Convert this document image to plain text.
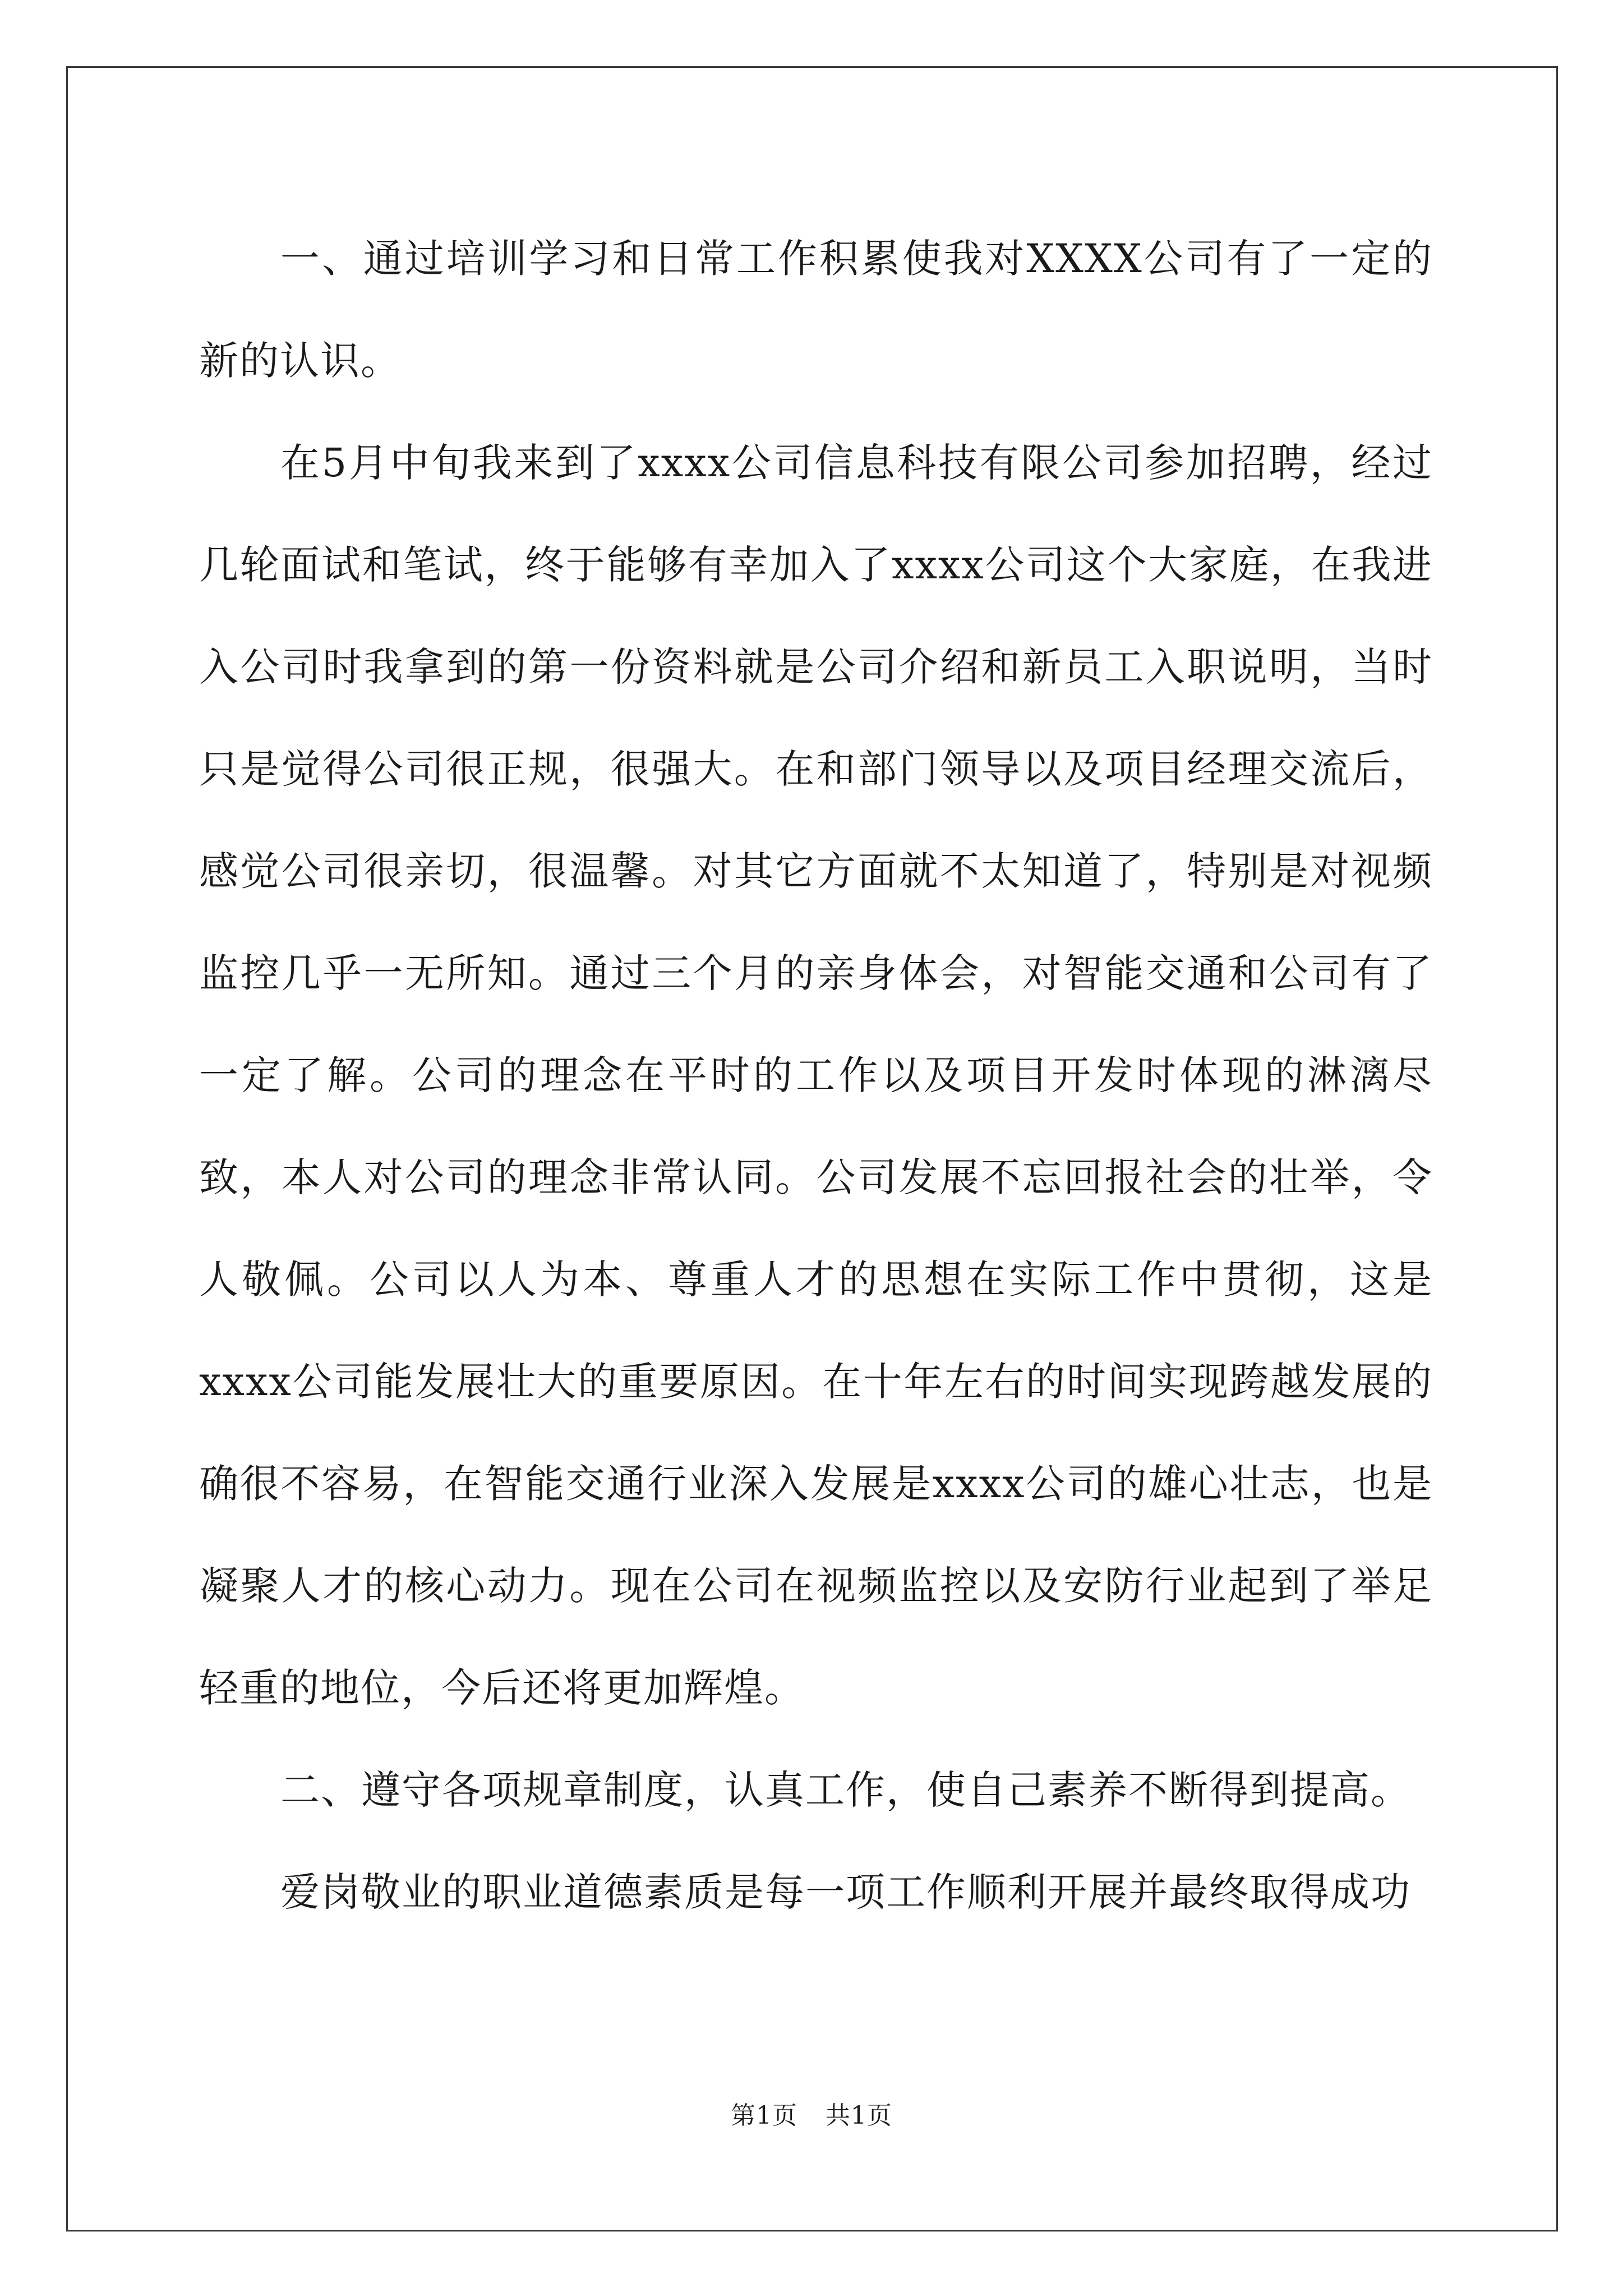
一、通过培训学习和日常工作积累使我对XXXX公司有了一定的新的认识。

在5月中旬我来到了xxxx公司信息科技有限公司参加招聘，经过几轮面试和笔试，终于能够有幸加入了xxxx公司这个大家庭，在我进入公司时我拿到的第一份资料就是公司介绍和新员工入职说明，当时只是觉得公司很正规，很强大。在和部门领导以及项目经理交流后，感觉公司很亲切，很温馨。对其它方面就不太知道了，特别是对视频监控几乎一无所知。通过三个月的亲身体会，对智能交通和公司有了一定了解。公司的理念在平时的工作以及项目开发时体现的淋漓尽致，本人对公司的理念非常认同。公司发展不忘回报社会的壮举，令人敬佩。公司以人为本、尊重人才的思想在实际工作中贯彻，这是xxxx公司能发展壮大的重要原因。在十年左右的时间实现跨越发展的确很不容易，在智能交通行业深入发展是xxxx公司的雄心壮志，也是凝聚人才的核心动力。现在公司在视频监控以及安防行业起到了举足轻重的地位，今后还将更加辉煌。

二、遵守各项规章制度，认真工作，使自己素养不断得到提高。

爱岗敬业的职业道德素质是每一项工作顺利开展并最终取得成功

第1页 共1页
